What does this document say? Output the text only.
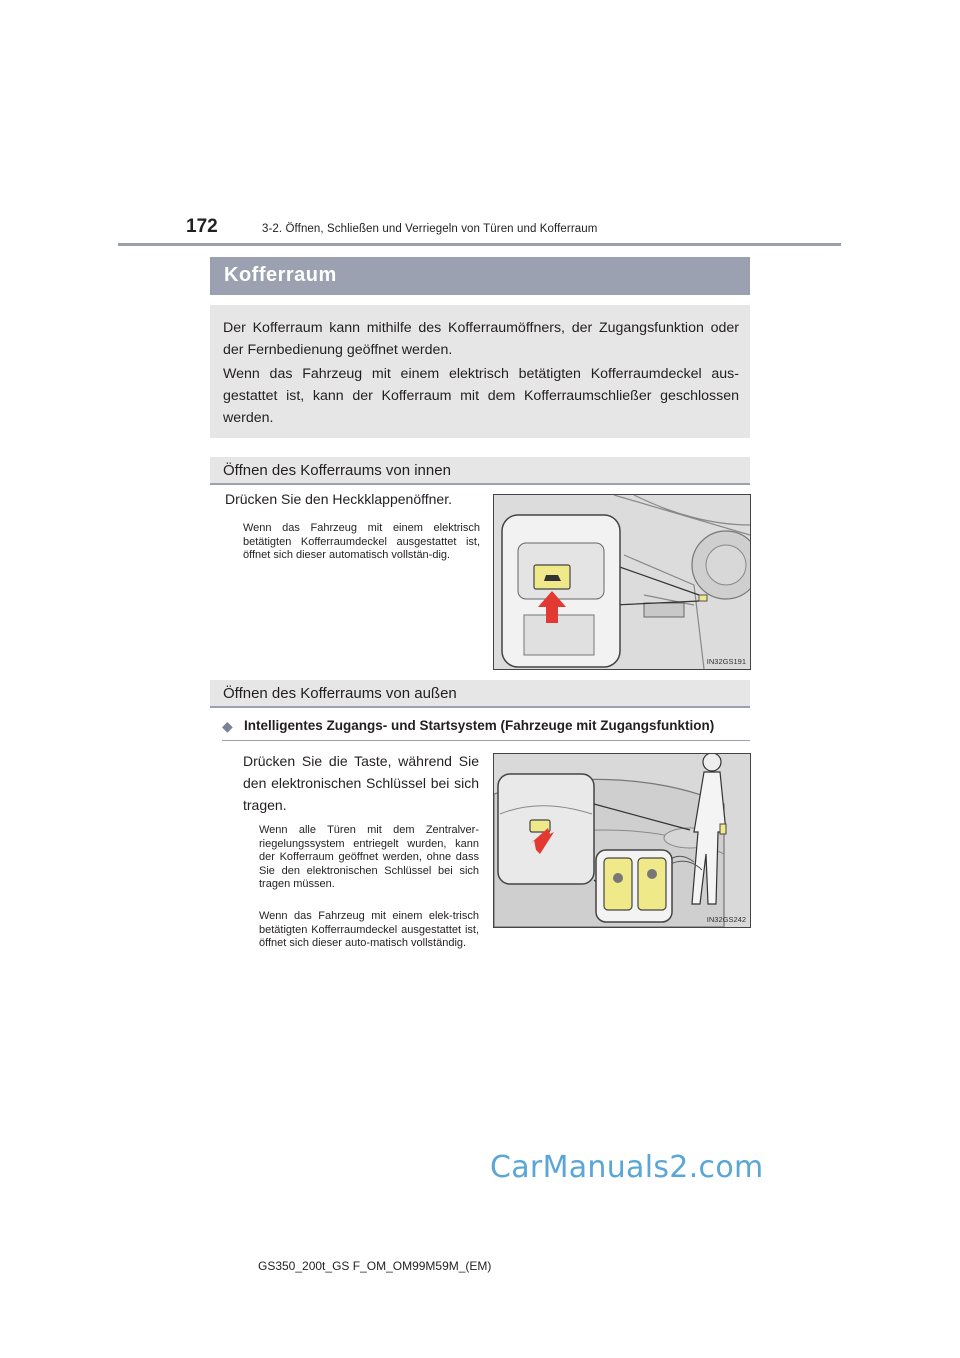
172	3-2. Öffnen, Schließen und Verriegeln von Türen und Kofferraum
Kofferraum
Der Kofferraum kann mithilfe des Kofferraumöffners, der Zugangsfunktion oder der Fernbedienung geöffnet werden.
Wenn das Fahrzeug mit einem elektrisch betätigten Kofferraumdeckel aus-gestattet ist, kann der Kofferraum mit dem Kofferraumschließer geschlossen werden.
Öffnen des Kofferraums von innen
Drücken Sie den Heckklappenöffner.
Wenn das Fahrzeug mit einem elektrisch betätigten Kofferraumdeckel ausgestattet ist, öffnet sich dieser automatisch vollstän-dig.
IN32GS191
Öffnen des Kofferraums von außen
◆ Intelligentes Zugangs- und Startsystem (Fahrzeuge mit Zugangsfunktion)
Drücken Sie die Taste, während Sie den elektronischen Schlüssel bei sich tragen.
Wenn alle Türen mit dem Zentralver-riegelungssystem entriegelt wurden, kann der Kofferraum geöffnet werden, ohne dass Sie den elektronischen Schlüssel bei sich tragen müssen.
Wenn das Fahrzeug mit einem elek-trisch betätigten Kofferraumdeckel ausgestattet ist, öffnet sich dieser auto-matisch vollständig.
IN32GS242
CarManuals2.com
GS350_200t_GS F_OM_OM99M59M_(EM)
